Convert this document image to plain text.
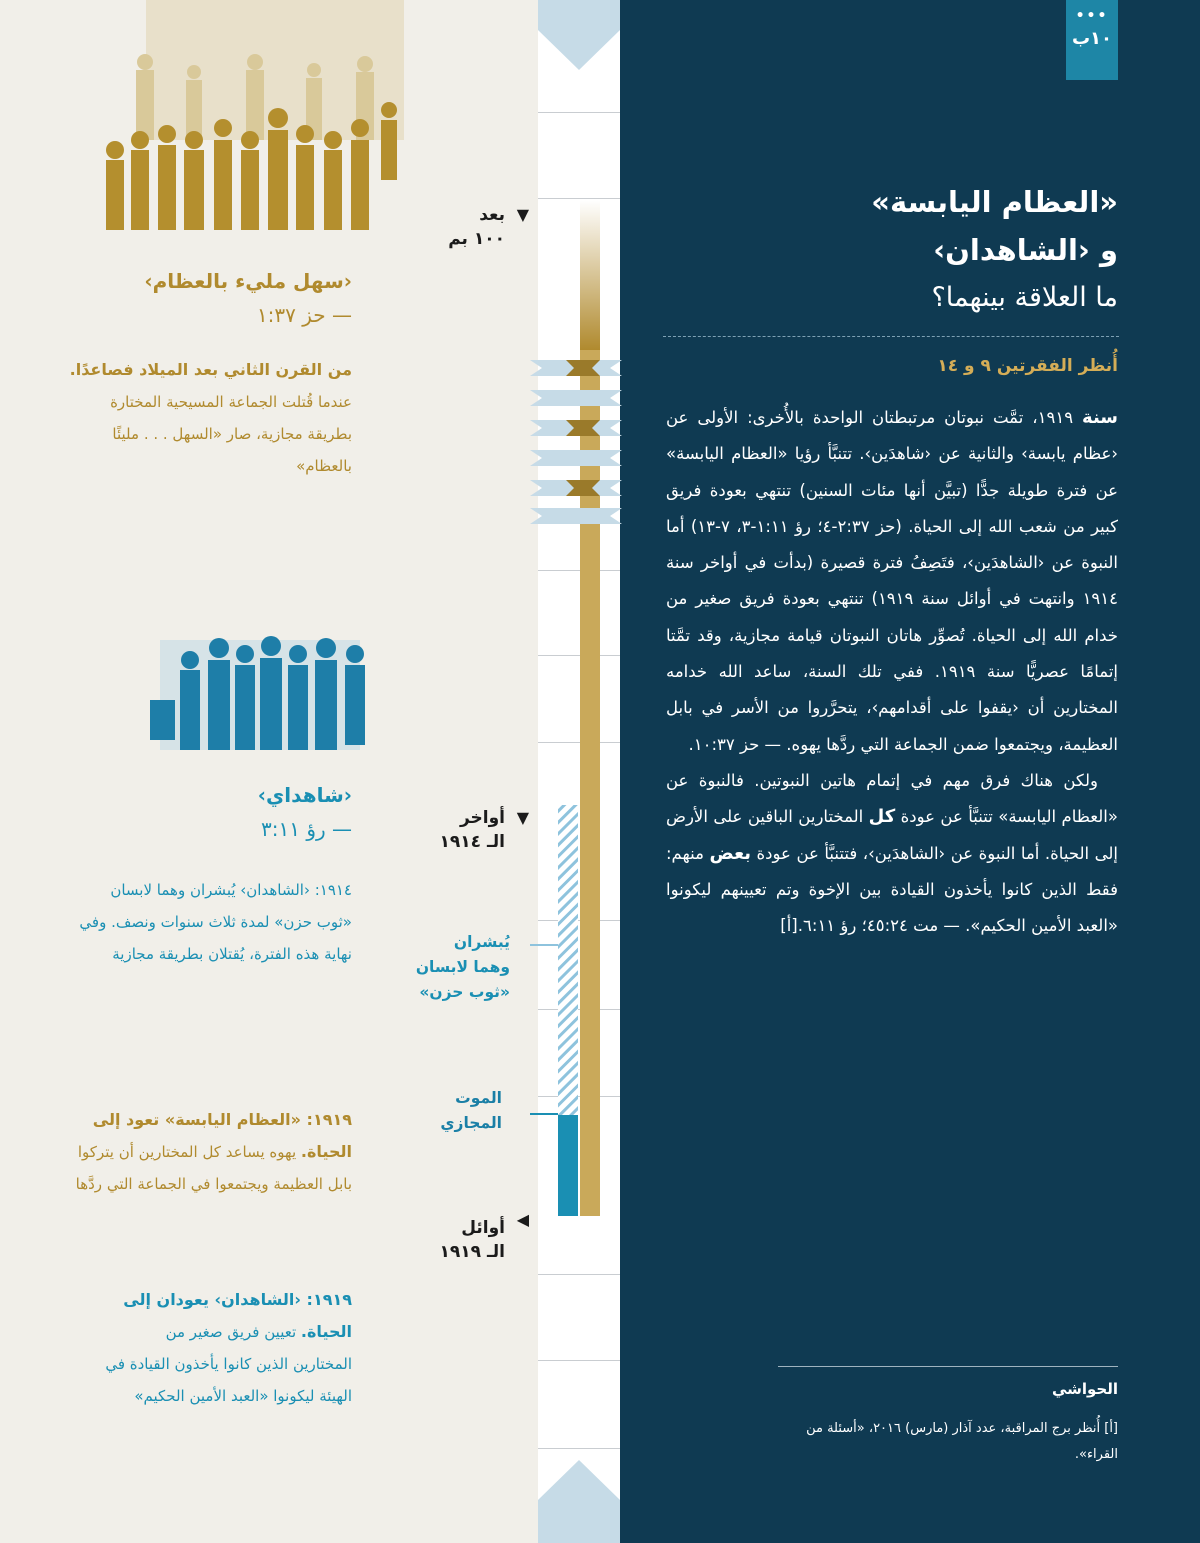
•••
١٠ب
«العظام اليابسة»
و ‹الشاهدان›
ما العلاقة بينهما؟
أُنظر الفقرتين ٩ و ١٤

سنة ١٩١٩، تمَّت نبوتان مرتبطتان الواحدة بالأُخرى: الأولى عن ‹عظام يابسة› والثانية عن ‹شاهدَين›. تتنبَّأ رؤيا «العظام اليابسة» عن فترة طويلة جدًّا (تبيَّن أنها مئات السنين) تنتهي بعودة فريق كبير من شعب الله إلى الحياة. (حز ٣٧:‏٢-‏٤؛ رؤ ١١:‏١-‏٣، ٧-‏١٣) أما النبوة عن ‹الشاهدَين›، فتَصِفُ فترة قصيرة (بدأت في أواخر سنة ١٩١٤ وانتهت في أوائل سنة ١٩١٩) تنتهي بعودة فريق صغير من خدام الله إلى الحياة. تُصوِّر هاتان النبوتان قيامة مجازية، وقد تمَّتا إتمامًا عصريًّا سنة ١٩١٩. ففي تلك السنة، ساعد الله خدامه المختارين أن ‹يقفوا على أقدامهم›، يتحرَّروا من الأسر في بابل العظيمة، ويجتمعوا ضمن الجماعة التي ردَّها يهوه. — حز ٣٧:‏١٠.

ولكن هناك فرق مهم في إتمام هاتين النبوتين. فالنبوة عن «العظام اليابسة» تتنبَّأ عن عودة كل المختارين الباقين على الأرض إلى الحياة. أما النبوة عن ‹الشاهدَين›، فتتنبَّأ عن عودة بعض منهم: فقط الذين كانوا يأخذون القيادة بين الإخوة وتم تعيينهم ليكونوا «العبد الأمين الحكيم». — مت ٢٤:‏٤٥؛ رؤ ١١:‏٦.[أ]

الحواشي
[أ] أُنظر برج المراقبة، عدد آذار (مارس) ٢٠١٦، «أسئلة من القراء».
‹سهل مليء بالعظام›
— حز ٣٧:‏١
من القرن الثاني بعد الميلاد فصاعدًا. عندما قُتلت الجماعة المسيحية المختارة بطريقة مجازية، صار «السهل . . . مليئًا بالعظام»
‹شاهداي›
— رؤ ١١:‏٣
١٩١٤: ‹الشاهدان› يُبشران وهما لابسان «ثوب حزن» لمدة ثلاث سنوات ونصف. وفي نهاية هذه الفترة، يُقتلان بطريقة مجازية
١٩١٩: «العظام اليابسة» تعود إلى الحياة. يهوه يساعد كل المختارين أن يتركوا بابل العظيمة ويجتمعوا في الجماعة التي ردَّها
١٩١٩: ‹الشاهدان› يعودان إلى الحياة. تعيين فريق صغير من المختارين الذين كانوا يأخذون القيادة في الهيئة ليكونوا «العبد الأمين الحكيم»
بعد
١٠٠ بم
▼
أواخر
الـ ١٩١٤
▼
أوائل
الـ ١٩١٩
◀
يُبشران
وهما لابسان
«ثوب حزن»
الموت
المجازي
